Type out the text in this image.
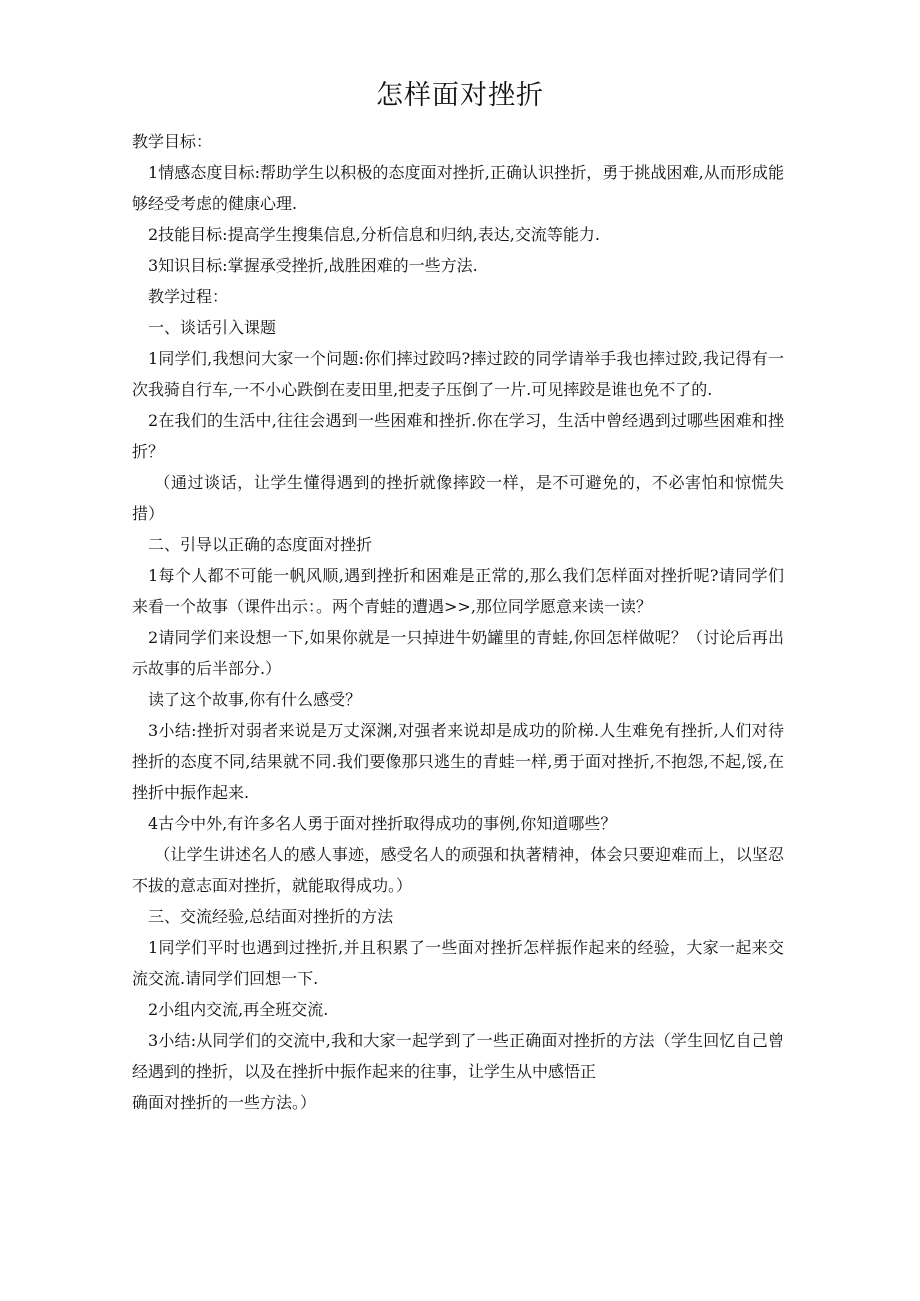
怎样面对挫折

教学目标：

1情感态度目标:帮助学生以积极的态度面对挫折,正确认识挫折，勇于挑战困难,从而形成能够经受考虑的健康心理.

2技能目标:提高学生搜集信息,分析信息和归纳,表达,交流等能力.

3知识目标:掌握承受挫折,战胜困难的一些方法.

教学过程：

一、谈话引入课题

1同学们,我想问大家一个问题:你们摔过跤吗?摔过跤的同学请举手我也摔过跤,我记得有一次我骑自行车,一不小心跌倒在麦田里,把麦子压倒了一片.可见摔跤是谁也免不了的.

2在我们的生活中,往往会遇到一些困难和挫折.你在学习，生活中曾经遇到过哪些困难和挫折？

（通过谈话，让学生懂得遇到的挫折就像摔跤一样，是不可避免的，不必害怕和惊慌失措）

二、引导以正确的态度面对挫折

1每个人都不可能一帆风顺,遇到挫折和困难是正常的,那么我们怎样面对挫折呢?请同学们来看一个故事（课件出示：。两个青蛙的遭遇>>,那位同学愿意来读一读？

2请同学们来设想一下,如果你就是一只掉进牛奶罐里的青蛙,你回怎样做呢？（讨论后再出示故事的后半部分.）

读了这个故事,你有什么感受？

3小结:挫折对弱者来说是万丈深渊,对强者来说却是成功的阶梯.人生难免有挫折,人们对待挫折的态度不同,结果就不同.我们要像那只逃生的青蛙一样,勇于面对挫折,不抱怨,不起,馁,在挫折中振作起来.

4古今中外,有许多名人勇于面对挫折取得成功的事例,你知道哪些？

（让学生讲述名人的感人事迹，感受名人的顽强和执著精神，体会只要迎难而上，以坚忍不拔的意志面对挫折，就能取得成功。）

三、交流经验,总结面对挫折的方法

1同学们平时也遇到过挫折,并且积累了一些面对挫折怎样振作起来的经验，大家一起来交流交流.请同学们回想一下.

2小组内交流,再全班交流.

3小结:从同学们的交流中,我和大家一起学到了一些正确面对挫折的方法（学生回忆自己曾经遇到的挫折，以及在挫折中振作起来的往事，让学生从中感悟正

确面对挫折的一些方法。）
